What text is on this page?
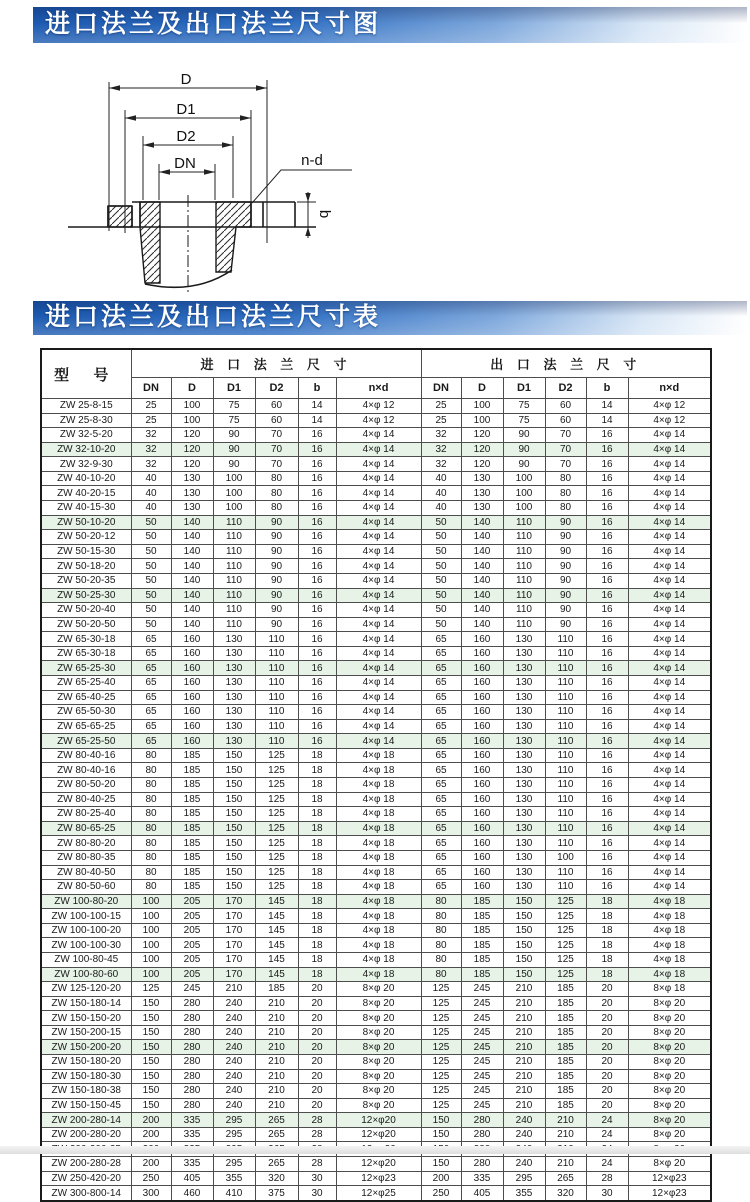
D
D1
D2
DN	n-d
b
进口法兰及出口法兰尺寸图
进口法兰及出口法兰尺寸表
型 号	进 口 法 兰 尺 寸						出 口 法 兰 尺 寸					
	DN	D	D1	D2	b	n×d	DN	D	D1	D2	b	n×d
ZW 25-8-15	25	100	75	60	14	4×φ 12	25	100	75	60	14	4×φ 12
ZW 25-8-30	25	100	75	60	14	4×φ 12	25	100	75	60	14	4×φ 12
ZW 32-5-20	32	120	90	70	16	4×φ 14	32	120	90	70	16	4×φ 14
ZW 32-10-20	32	120	90	70	16	4×φ 14	32	120	90	70	16	4×φ 14
ZW 32-9-30	32	120	90	70	16	4×φ 14	32	120	90	70	16	4×φ 14
ZW 40-10-20	40	130	100	80	16	4×φ 14	40	130	100	80	16	4×φ 14
ZW 40-20-15	40	130	100	80	16	4×φ 14	40	130	100	80	16	4×φ 14
ZW 40-15-30	40	130	100	80	16	4×φ 14	40	130	100	80	16	4×φ 14
ZW 50-10-20	50	140	110	90	16	4×φ 14	50	140	110	90	16	4×φ 14
ZW 50-20-12	50	140	110	90	16	4×φ 14	50	140	110	90	16	4×φ 14
ZW 50-15-30	50	140	110	90	16	4×φ 14	50	140	110	90	16	4×φ 14
ZW 50-18-20	50	140	110	90	16	4×φ 14	50	140	110	90	16	4×φ 14
ZW 50-20-35	50	140	110	90	16	4×φ 14	50	140	110	90	16	4×φ 14
ZW 50-25-30	50	140	110	90	16	4×φ 14	50	140	110	90	16	4×φ 14
ZW 50-20-40	50	140	110	90	16	4×φ 14	50	140	110	90	16	4×φ 14
ZW 50-20-50	50	140	110	90	16	4×φ 14	50	140	110	90	16	4×φ 14
ZW 65-30-18	65	160	130	110	16	4×φ 14	65	160	130	110	16	4×φ 14
ZW 65-30-18	65	160	130	110	16	4×φ 14	65	160	130	110	16	4×φ 14
ZW 65-25-30	65	160	130	110	16	4×φ 14	65	160	130	110	16	4×φ 14
ZW 65-25-40	65	160	130	110	16	4×φ 14	65	160	130	110	16	4×φ 14
ZW 65-40-25	65	160	130	110	16	4×φ 14	65	160	130	110	16	4×φ 14
ZW 65-50-30	65	160	130	110	16	4×φ 14	65	160	130	110	16	4×φ 14
ZW 65-65-25	65	160	130	110	16	4×φ 14	65	160	130	110	16	4×φ 14
ZW 65-25-50	65	160	130	110	16	4×φ 14	65	160	130	110	16	4×φ 14
ZW 80-40-16	80	185	150	125	18	4×φ 18	65	160	130	110	16	4×φ 14
ZW 80-40-16	80	185	150	125	18	4×φ 18	65	160	130	110	16	4×φ 14
ZW 80-50-20	80	185	150	125	18	4×φ 18	65	160	130	110	16	4×φ 14
ZW 80-40-25	80	185	150	125	18	4×φ 18	65	160	130	110	16	4×φ 14
ZW 80-25-40	80	185	150	125	18	4×φ 18	65	160	130	110	16	4×φ 14
ZW 80-65-25	80	185	150	125	18	4×φ 18	65	160	130	110	16	4×φ 14
ZW 80-80-20	80	185	150	125	18	4×φ 18	65	160	130	110	16	4×φ 14
ZW 80-80-35	80	185	150	125	18	4×φ 18	65	160	130	100	16	4×φ 14
ZW 80-40-50	80	185	150	125	18	4×φ 18	65	160	130	110	16	4×φ 14
ZW 80-50-60	80	185	150	125	18	4×φ 18	65	160	130	110	16	4×φ 14
ZW 100-80-20	100	205	170	145	18	4×φ 18	80	185	150	125	18	4×φ 18
ZW 100-100-15	100	205	170	145	18	4×φ 18	80	185	150	125	18	4×φ 18
ZW 100-100-20	100	205	170	145	18	4×φ 18	80	185	150	125	18	4×φ 18
ZW 100-100-30	100	205	170	145	18	4×φ 18	80	185	150	125	18	4×φ 18
ZW 100-80-45	100	205	170	145	18	4×φ 18	80	185	150	125	18	4×φ 18
ZW 100-80-60	100	205	170	145	18	4×φ 18	80	185	150	125	18	4×φ 18
ZW 125-120-20	125	245	210	185	20	8×φ 20	125	245	210	185	20	8×φ 18
ZW 150-180-14	150	280	240	210	20	8×φ 20	125	245	210	185	20	8×φ 20
ZW 150-150-20	150	280	240	210	20	8×φ 20	125	245	210	185	20	8×φ 20
ZW 150-200-15	150	280	240	210	20	8×φ 20	125	245	210	185	20	8×φ 20
ZW 150-200-20	150	280	240	210	20	8×φ 20	125	245	210	185	20	8×φ 20
ZW 150-180-20	150	280	240	210	20	8×φ 20	125	245	210	185	20	8×φ 20
ZW 150-180-30	150	280	240	210	20	8×φ 20	125	245	210	185	20	8×φ 20
ZW 150-180-38	150	280	240	210	20	8×φ 20	125	245	210	185	20	8×φ 20
ZW 150-150-45	150	280	240	210	20	8×φ 20	125	245	210	185	20	8×φ 20
ZW 200-280-14	200	335	295	265	28	12×φ20	150	280	240	210	24	8×φ 20
ZW 200-280-20	200	335	295	265	28	12×φ20	150	280	240	210	24	8×φ 20

ZW 200-280-28	200	335	295	265	28	12×φ20	150	280	240	210	24	8×φ 20
ZW 250-420-20	250	405	355	320	30	12×φ23	200	335	295	265	28	12×φ23
ZW 300-800-14	300	460	410	375	30	12×φ25	250	405	355	320	30	12×φ23
